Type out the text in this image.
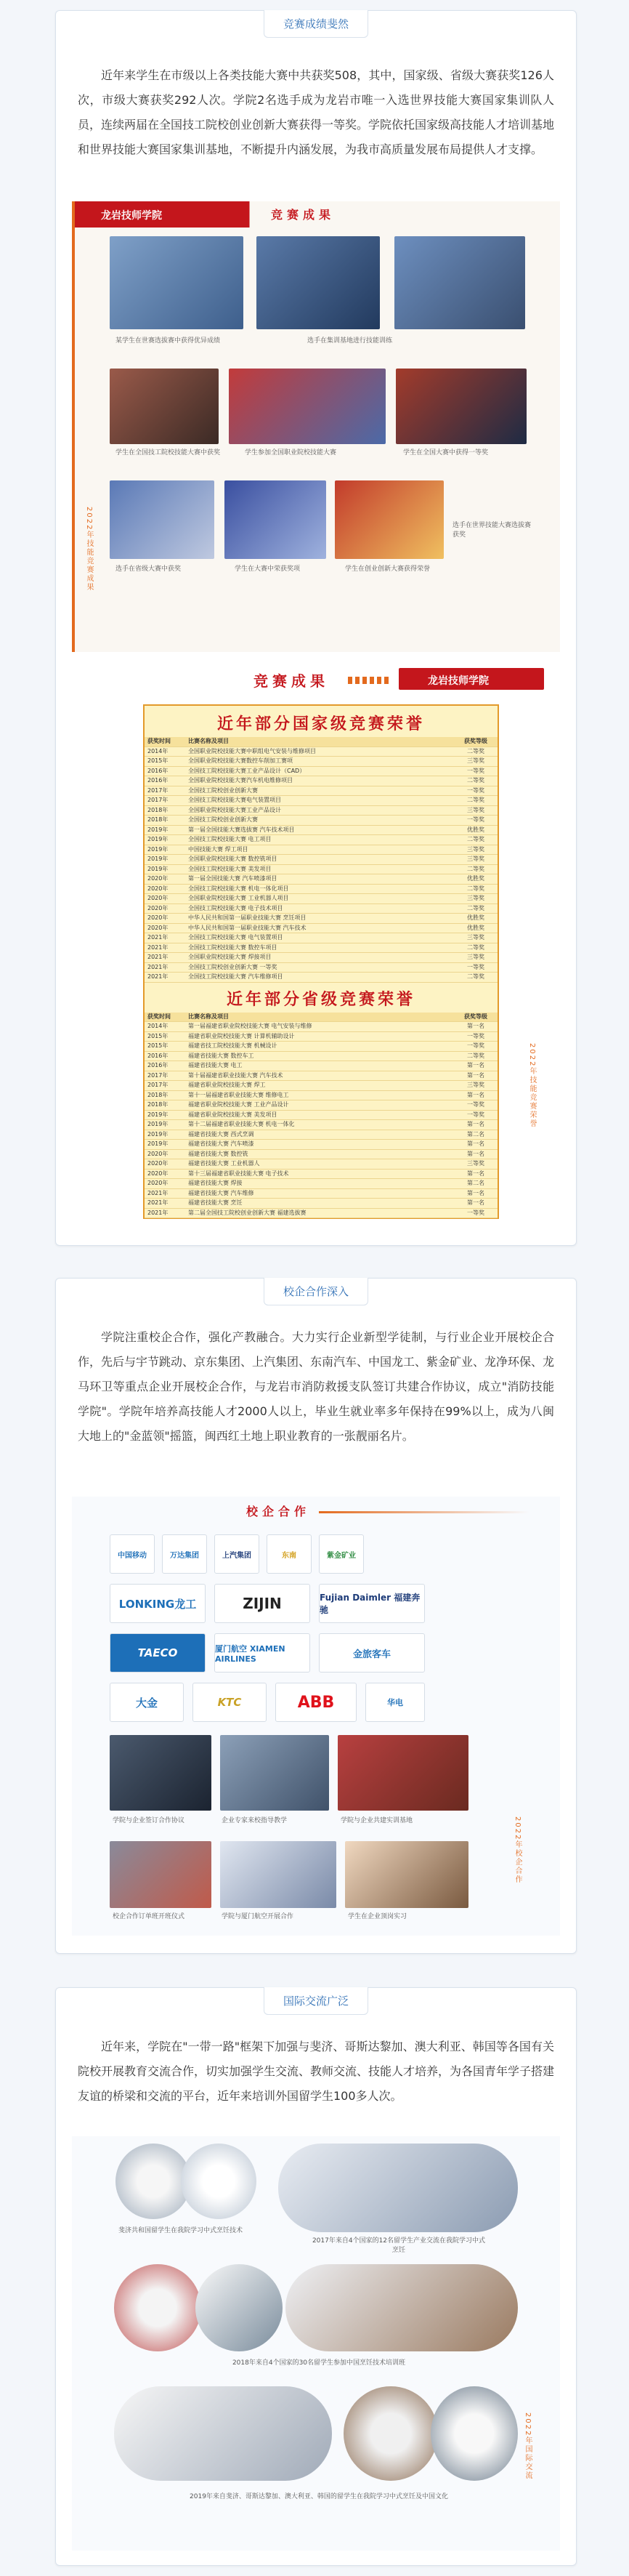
竞赛成绩斐然

近年来学生在市级以上各类技能大赛中共获奖508，其中，国家级、省级大赛获奖126人次，市级大赛获奖292人次。学院2名选手成为龙岩市唯一入选世界技能大赛国家集训队人员，连续两届在全国技工院校创业创新大赛获得一等奖。学院依托国家级高技能人才培训基地和世界技能大赛国家集训基地，不断提升内涵发展，为我市高质量发展布局提供人才支撑。

龙岩技师学院	竞赛成果
某学生在世赛选拔赛中获得优异成绩	选手在集训基地进行技能训练
学生在全国技工院校技能大赛中获奖	学生参加全国职业院校技能大赛	学生在全国大赛中获得一等奖
选手在省级大赛中获奖	学生在大赛中荣获奖项	学生在创业创新大赛获得荣誉
选手在世界技能大赛选拔赛获奖
2022年技能竞赛成果
竞赛成果	龙岩技师学院
近年部分国家级竞赛荣誉
获奖时间	比赛名称及项目	获奖等级
2014年	全国职业院校技能大赛中职组电气安装与维修项目	二等奖
2015年	全国职业院校技能大赛数控车削加工赛项	三等奖
2016年	全国技工院校技能大赛工业产品设计（CAD）	一等奖
2016年	全国职业院校技能大赛汽车机电维修项目	二等奖
2017年	全国技工院校创业创新大赛	一等奖
2017年	全国技工院校技能大赛电气装置项目	二等奖
2018年	全国职业院校技能大赛工业产品设计	三等奖
2018年	全国技工院校创业创新大赛	一等奖
2019年	第一届全国技能大赛选拔赛 汽车技术项目	优胜奖
2019年	全国技工院校技能大赛 电工项目	二等奖
2019年	中国技能大赛 焊工项目	三等奖
2019年	全国职业院校技能大赛 数控铣项目	三等奖
2019年	全国技工院校技能大赛 美发项目	二等奖
2020年	第一届全国技能大赛 汽车喷漆项目	优胜奖
2020年	全国技工院校技能大赛 机电一体化项目	二等奖
2020年	全国职业院校技能大赛 工业机器人项目	三等奖
2020年	全国技工院校技能大赛 电子技术项目	二等奖
2020年	中华人民共和国第一届职业技能大赛 烹饪项目	优胜奖
2020年	中华人民共和国第一届职业技能大赛 汽车技术	优胜奖
2021年	全国技工院校技能大赛 电气装置项目	三等奖
2021年	全国技工院校技能大赛 数控车项目	二等奖
2021年	全国职业院校技能大赛 焊接项目	三等奖
2021年	全国技工院校创业创新大赛 一等奖	一等奖
2021年	全国技工院校技能大赛 汽车维修项目	二等奖
近年部分省级竞赛荣誉
获奖时间	比赛名称及项目	获奖等级
2014年	第一届福建省职业院校技能大赛 电气安装与维修	第一名
2015年	福建省职业院校技能大赛 计算机辅助设计	一等奖
2015年	福建省技工院校技能大赛 机械设计	一等奖
2016年	福建省技能大赛 数控车工	二等奖
2016年	福建省技能大赛 电工	第一名
2017年	第十届福建省职业技能大赛 汽车技术	第一名
2017年	福建省职业院校技能大赛 焊工	三等奖
2018年	第十一届福建省职业技能大赛 维修电工	第一名
2018年	福建省职业院校技能大赛 工业产品设计	一等奖
2019年	福建省职业院校技能大赛 美发项目	一等奖
2019年	第十二届福建省职业技能大赛 机电一体化	第一名
2019年	福建省技能大赛 西式烹调	第二名
2019年	福建省技能大赛 汽车喷漆	第一名
2020年	福建省技能大赛 数控铣	第一名
2020年	福建省技能大赛 工业机器人	三等奖
2020年	第十三届福建省职业技能大赛 电子技术	第一名
2020年	福建省技能大赛 焊接	第二名
2021年	福建省技能大赛 汽车维修	第一名
2021年	福建省技能大赛 烹饪	第一名
2021年	第二届全国技工院校创业创新大赛 福建选拔赛	一等奖
2022年技能竞赛荣誉
校企合作深入

学院注重校企合作，强化产教融合。大力实行企业新型学徒制，与行业企业开展校企合作，先后与宇节跳动、京东集团、上汽集团、东南汽车、中国龙工、紫金矿业、龙净环保、龙马环卫等重点企业开展校企合作，与龙岩市消防救援支队签订共建合作协议，成立"消防技能学院"。学院年培养高技能人才2000人以上，毕业生就业率多年保持在99%以上，成为八闽大地上的"金蓝领"摇篮，闽西红土地上职业教育的一张靓丽名片。

校企合作
中国移动	万达集团	上汽集团	东南	紫金矿业
LONKING龙工	ZIJIN	Fujian Daimler 福建奔驰
TAECO	厦门航空 XIAMEN AIRLINES	金旅客车
大金	KTC	ABB	华电
学院与企业签订合作协议	企业专家来校指导教学	学院与企业共建实训基地
校企合作订单班开班仪式	学院与厦门航空开展合作	学生在企业顶岗实习
2022年校企合作
国际交流广泛

近年来，学院在"一带一路"框架下加强与斐济、哥斯达黎加、澳大利亚、韩国等各国有关院校开展教育交流合作，切实加强学生交流、教师交流、技能人才培养，为各国青年学子搭建友谊的桥梁和交流的平台，近年来培训外国留学生100多人次。

斐济共和国留学生在我院学习中式烹饪技术
2017年来自4个国家的12名留学生产业交流在我院学习中式烹饪
2018年来自4个国家的30名留学生参加中国烹饪技术培训班
2019年来自斐济、哥斯达黎加、澳大利亚、韩国的留学生在我院学习中式烹饪及中国文化
2022年国际交流
